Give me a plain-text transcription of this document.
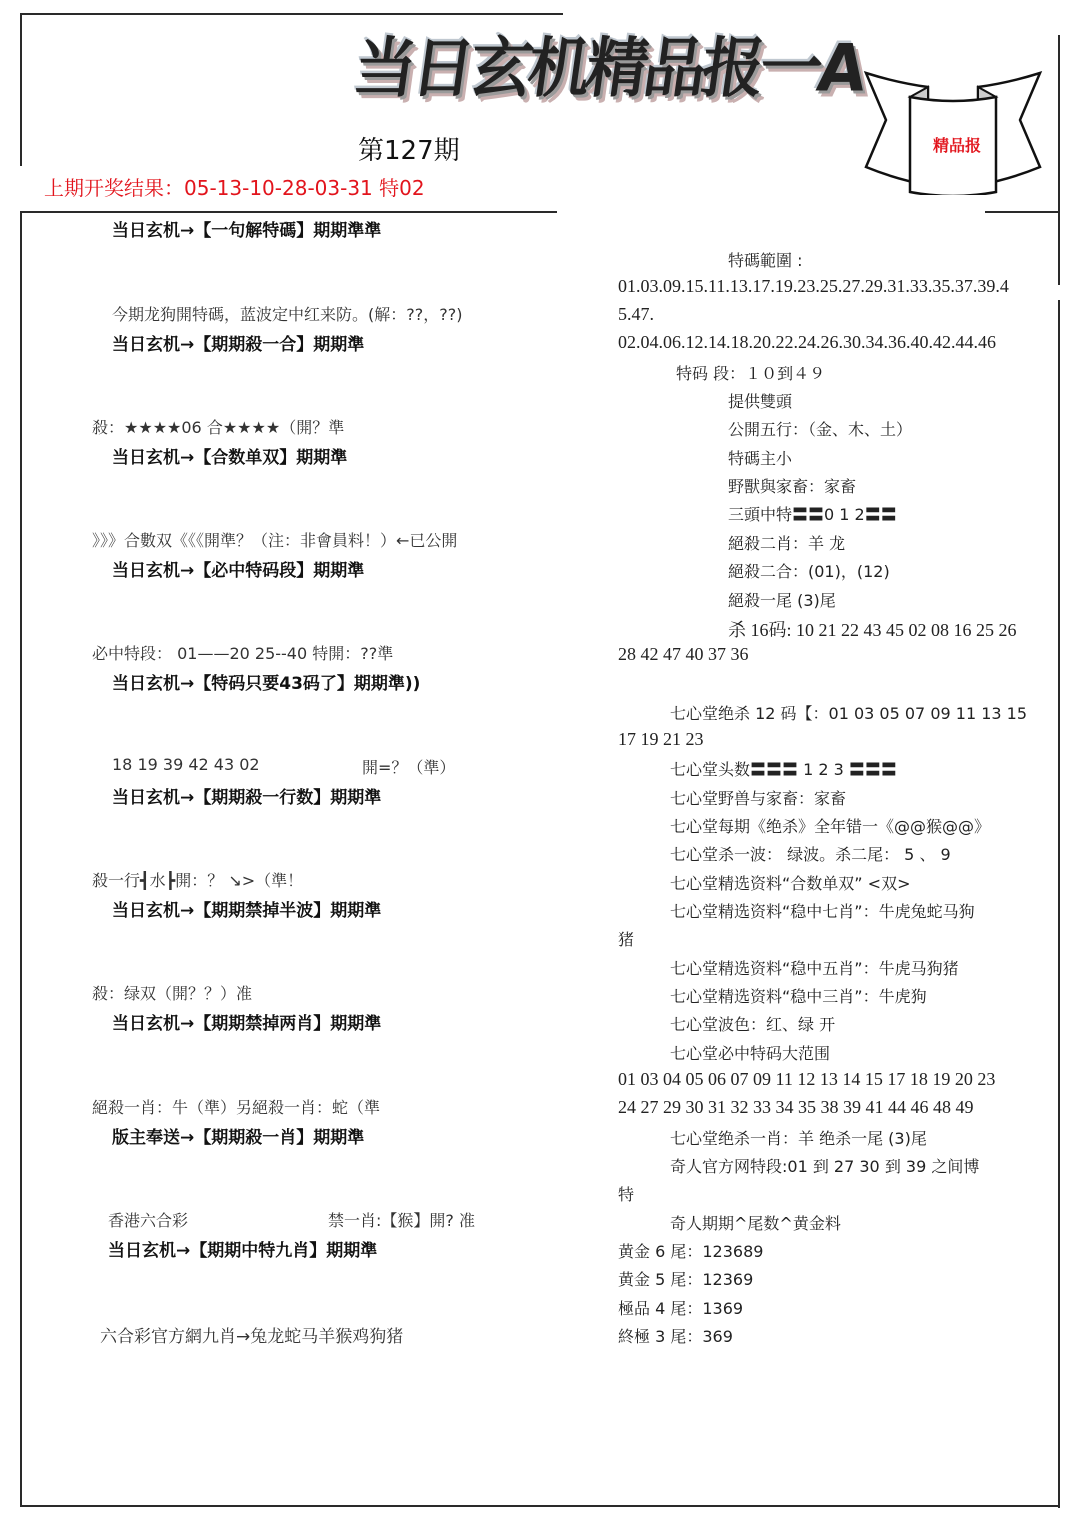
当日玄机精品报一A
第127期
上期开奖结果：05-13-10-28-03-31 特02
精品报
当日玄机→【一句解特碼】期期準準
今期龙狗開特碼，蓝波定中红来防。(解：??，??)
当日玄机→【期期殺一合】期期準
殺：★★★★06 合★★★★（開？準
当日玄机→【合数单双】期期準
》》》合數双《《《開準？（注：非會員料！）←已公開
当日玄机→【必中特码段】期期準
必中特段： 01——20 25--40 特開：??準
当日玄机→【特码只要43码了】期期準))
18 19 39 42 43 02	開=？（準）
当日玄机→【期期殺一行数】期期準
殺一行┫水┣開：？ ↘>（準！
当日玄机→【期期禁掉半波】期期準
殺：绿双（開？？）准
当日玄机→【期期禁掉两肖】期期準
絕殺一肖：牛（準）另絕殺一肖：蛇（準
版主奉送→【期期殺一肖】期期準
香港六合彩	禁一肖:【猴】開? 准
当日玄机→【期期中特九肖】期期準
六合彩官方網九肖→兔龙蛇马羊猴鸡狗猪
特碼範圍 :
01.03.09.15.11.13.17.19.23.25.27.29.31.33.35.37.39.4
5.47.
02.04.06.12.14.18.20.22.24.26.30.34.36.40.42.44.46
特码 段：１０到４９
提供雙頭
公開五行：（金、木、土）
特碼主小
野獸與家畜：家畜
三頭中特〓〓0 1 2〓〓
絕殺二肖：羊 龙
絕殺二合：(01)，(12)
絕殺一尾 (3)尾
杀 16码: 10 21 22 43 45 02 08 16 25 26
28 42 47 40 37 36
七心堂绝杀 12 码【：01 03 05 07 09 11 13 15
17 19 21 23
七心堂头数〓〓〓 1 2 3 〓〓〓
七心堂野兽与家畜：家畜
七心堂每期《绝杀》全年错一《@@猴@@》
七心堂杀一波： 绿波。杀二尾： 5 、 9
七心堂精选资料“合数单双” <双>
七心堂精选资料“稳中七肖”：牛虎兔蛇马狗
猪
七心堂精选资料“稳中五肖”：牛虎马狗猪
七心堂精选资料“稳中三肖”：牛虎狗
七心堂波色：红、绿 开
七心堂必中特码大范围
01 03 04 05 06 07 09 11 12 13 14 15 17 18 19 20 23
24 27 29 30 31 32 33 34 35 38 39 41 44 46 48 49
七心堂绝杀一肖：羊 绝杀一尾 (3)尾
奇人官方网特段:01 到 27 30 到 39 之间博
特
奇人期期^尾数^黄金料
黄金 6 尾：123689
黄金 5 尾：12369
極品 4 尾：1369
終極 3 尾：369
